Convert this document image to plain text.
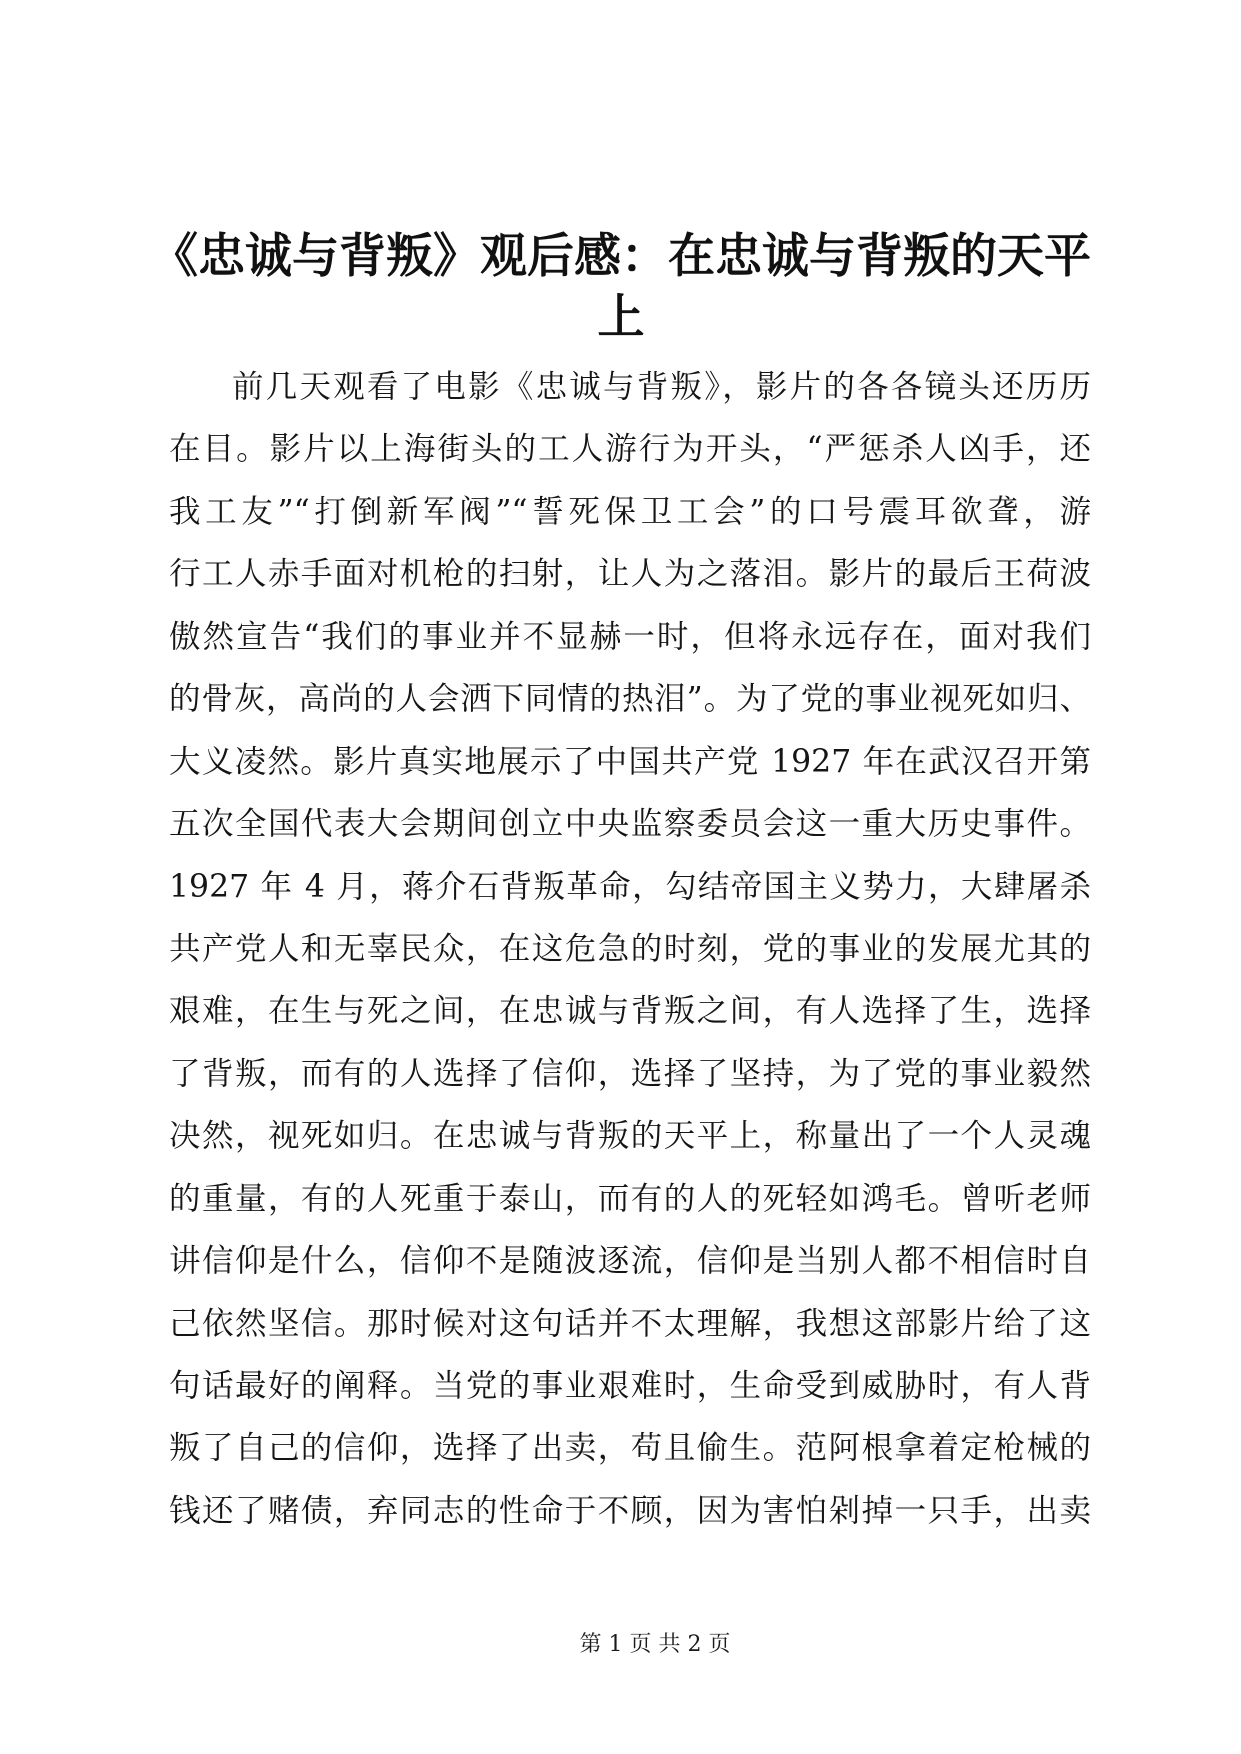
《忠诚与背叛》观后感：在忠诚与背叛的天平上
前几天观看了电影《忠诚与背叛》，影片的各各镜头还历历
在目。影片以上海街头的工人游行为开头，“严惩杀人凶手，还
我工友”“打倒新军阀”“誓死保卫工会”的口号震耳欲聋，游
行工人赤手面对机枪的扫射，让人为之落泪。影片的最后王荷波
傲然宣告“我们的事业并不显赫一时，但将永远存在，面对我们
的骨灰，高尚的人会洒下同情的热泪”。为了党的事业视死如归、
大义凌然。影片真实地展示了中国共产党 1927 年在武汉召开第
五次全国代表大会期间创立中央监察委员会这一重大历史事件。
1927 年 4 月，蒋介石背叛革命，勾结帝国主义势力，大肆屠杀
共产党人和无辜民众，在这危急的时刻，党的事业的发展尤其的
艰难，在生与死之间，在忠诚与背叛之间，有人选择了生，选择
了背叛，而有的人选择了信仰，选择了坚持，为了党的事业毅然
决然，视死如归。在忠诚与背叛的天平上，称量出了一个人灵魂
的重量，有的人死重于泰山，而有的人的死轻如鸿毛。曾听老师
讲信仰是什么，信仰不是随波逐流，信仰是当别人都不相信时自
己依然坚信。那时候对这句话并不太理解，我想这部影片给了这
句话最好的阐释。当党的事业艰难时，生命受到威胁时，有人背
叛了自己的信仰，选择了出卖，苟且偷生。范阿根拿着定枪械的
钱还了赌债，弃同志的性命于不顾，因为害怕剁掉一只手，出卖
第 1 页 共 2 页
